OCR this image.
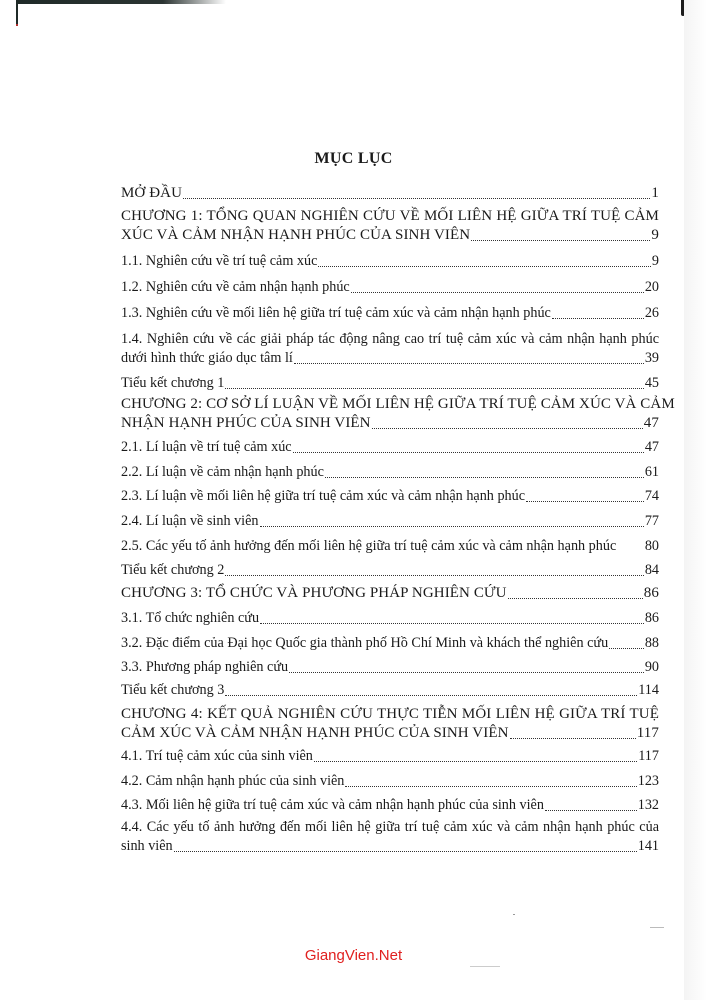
MỤC LỤC
MỞ ĐẦU	1
CHƯƠNG 1: TỔNG QUAN NGHIÊN CỨU VỀ MỐI LIÊN HỆ GIỮA TRÍ TUỆ CẢM
XÚC VÀ CẢM NHẬN HẠNH PHÚC CỦA SINH VIÊN	9
1.1. Nghiên cứu về trí tuệ cảm xúc	9
1.2. Nghiên cứu về cảm nhận hạnh phúc	20
1.3. Nghiên cứu về mối liên hệ giữa trí tuệ cảm xúc và cảm nhận hạnh phúc	26
1.4. Nghiên cứu về các giải pháp tác động nâng cao trí tuệ cảm xúc và cảm nhận hạnh phúc
dưới hình thức giáo dục tâm lí	39
Tiểu kết chương 1	45
CHƯƠNG 2: CƠ SỞ LÍ LUẬN VỀ MỐI LIÊN HỆ GIỮA TRÍ TUỆ CẢM XÚC VÀ CẢM
NHẬN HẠNH PHÚC CỦA SINH VIÊN	47
2.1. Lí luận về trí tuệ cảm xúc	47
2.2. Lí luận về cảm nhận hạnh phúc	61
2.3. Lí luận về mối liên hệ giữa trí tuệ cảm xúc và cảm nhận hạnh phúc	74
2.4. Lí luận về sinh viên	77
2.5. Các yếu tố ảnh hưởng đến mối liên hệ giữa trí tuệ cảm xúc và cảm nhận hạnh phúc 80
Tiểu kết chương 2	84
CHƯƠNG 3: TỔ CHỨC VÀ PHƯƠNG PHÁP NGHIÊN CỨU	86
3.1. Tổ chức nghiên cứu	86
3.2. Đặc điểm của Đại học Quốc gia thành phố Hồ Chí Minh và khách thể nghiên cứu	88
3.3. Phương pháp nghiên cứu	90
Tiểu kết chương 3	114
CHƯƠNG 4: KẾT QUẢ NGHIÊN CỨU THỰC TIỄN MỐI LIÊN HỆ GIỮA TRÍ TUỆ
CẢM XÚC VÀ CẢM NHẬN HẠNH PHÚC CỦA SINH VIÊN	117
4.1. Trí tuệ cảm xúc của sinh viên	117
4.2. Cảm nhận hạnh phúc của sinh viên	123
4.3. Mối liên hệ giữa trí tuệ cảm xúc và cảm nhận hạnh phúc của sinh viên	132
4.4. Các yếu tố ảnh hưởng đến mối liên hệ giữa trí tuệ cảm xúc và cảm nhận hạnh phúc của
sinh viên	141
GiangVien.Net
